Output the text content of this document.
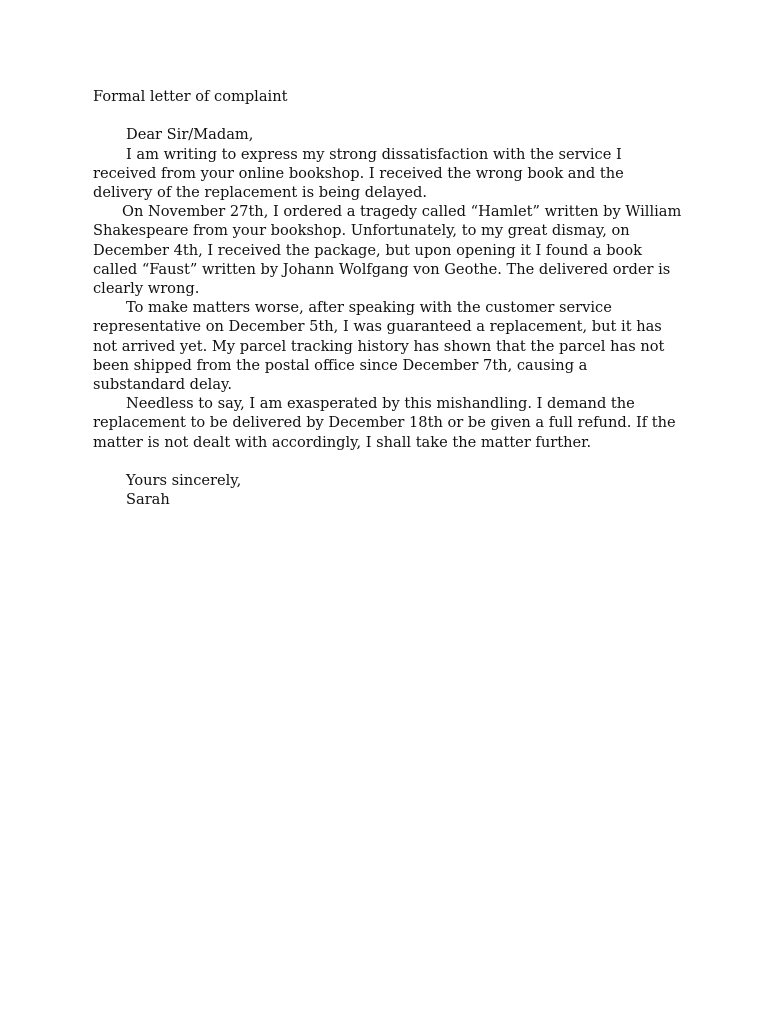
Formal letter of complaint

Dear Sir/Madam,

I am writing to express my strong dissatisfaction with the service I received from your online bookshop. I received the wrong book and the delivery of the replacement is being delayed.

On November 27th, I ordered a tragedy called “Hamlet” written by William Shakespeare from your bookshop. Unfortunately, to my great dismay, on December 4th, I received the package, but upon opening it I found a book called “Faust” written by Johann Wolfgang von Geothe. The delivered order is clearly wrong.

To make matters worse, after speaking with the customer service representative on December 5th, I was guaranteed a replacement, but it has not arrived yet. My parcel tracking history has shown that the parcel has not been shipped from the postal office since December 7th, causing a substandard delay.

Needless to say, I am exasperated by this mishandling. I demand the replacement to be delivered by December 18th or be given a full refund. If the matter is not dealt with accordingly, I shall take the matter further.

Yours sincerely,

Sarah
